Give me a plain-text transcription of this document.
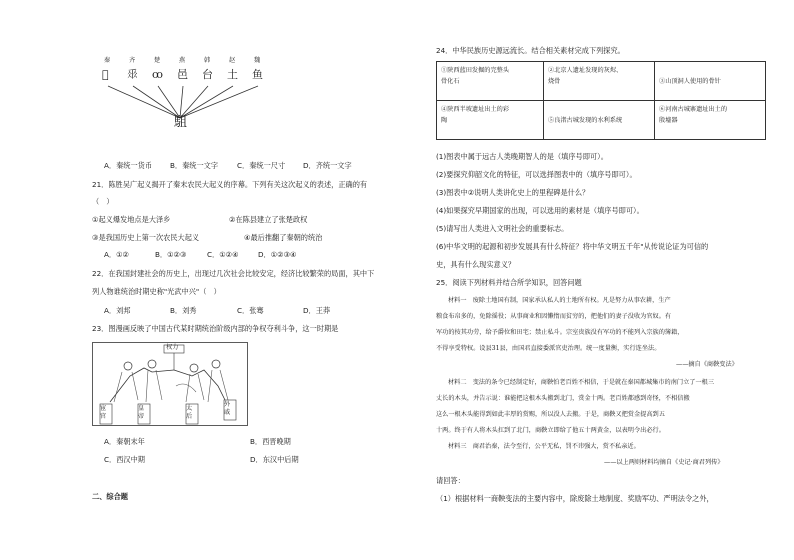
秦	齐	楚	燕	韩	赵	魏
𢑚 𠂹 ꝏ 邑 台 土 鱼
駔
A．秦统一货币 B．秦统一文字	C．秦统一尺寸 D．齐统一文字
21．陈胜吴广起义揭开了秦末农民大起义的序幕。下列有关这次起义的表述，正确的有
（　）
①起义爆发地点是大泽乡	②在陈县建立了张楚政权
③是我国历史上第一次农民大起义	④最后推翻了秦朝的统治
A．①②	B．①②③	C．①②④	D．①②③④
22．在我国封建社会的历史上，出现过几次社会比较安定，经济比较繁荣的局面，其中下
列人物谁统治时期史称"光武中兴"（　）
A．刘邦	B．刘秀	C．张骞	D．王莽
23．图漫画反映了中国古代某时期统治阶级内部的争权夺利斗争，这一时期是
权力
宦官
皇帝
太后
外戚
A．秦朝末年	B．西晋晚期
C．西汉中期	D．东汉中后期
二、综合题
24．中华民族历史源远流长。结合相关素材完成下列探究。
①陕西蓝田发掘的完整头
骨化石
②北京人遗址发现的灰烬、
烧骨	③山顶洞人使用的骨针
④陕西半坡遗址出土的彩
陶	⑤良渚古城发现的水利系统
⑥河南古城寨遗址出土的
殷墟器
(1)图表中属于远古人类晚期智人的是（填序号即可）。
(2)要探究仰韶文化的特征，可以选择图表中的（填序号即可）。
(3)图表中②说明人类讲化史上的里程碑是什么？
(4)如果探究早期国家的出现，可以选用的素材是（填序号即可）。
(5)请写出人类进入文明社会的重要标志。
(6)中华文明的起源和初步发展具有什么特征？将中华文明五千年"从传说论证为可信的
史，具有什么现实意义？
25．阅读下列材料并结合所学知识，回答问题
材料一　废除土地国有制，国家承认私人的土地所有权。凡是努力从事农耕，生产
粮食布帛多的，免除徭役；从事商业和因懒惰而贫穷的，把他们的妻子没收为官奴。有
军功的按其功劳，给予爵位和田宅；禁止私斗。宗室贵族没有军功的不能列入宗族的簿籍，
不得享受特权。设县31县，由国君直接委派官吏治理。统一度量衡，实行连坐法。
——摘自《商鞅变法》
材料二　变法的条令已经制定好，商鞅怕老百姓不相信，于是就在秦国都城集市的南门立了一根三
丈长的木头，并告示说：谁能把这根木头搬到北门，赏金十两。老百姓都感到奇怪，不相信搬
这么一根木头能得到如此丰厚的赏赐，所以没人去搬。于是，商鞅又把赏金提高到五
十两。终于有人将木头扛到了北门，商鞅立即给了他五十两黄金，以表明令出必行。
材料三　商君治秦，法令至行，公平无私，罚不讳强大，赏不私亲近。
——以上两则材料均摘自《史记·商君列传》
请回答：
（1）根据材料一商鞅变法的主要内容中，除废除土地制度、奖励军功、严明法令之外，
